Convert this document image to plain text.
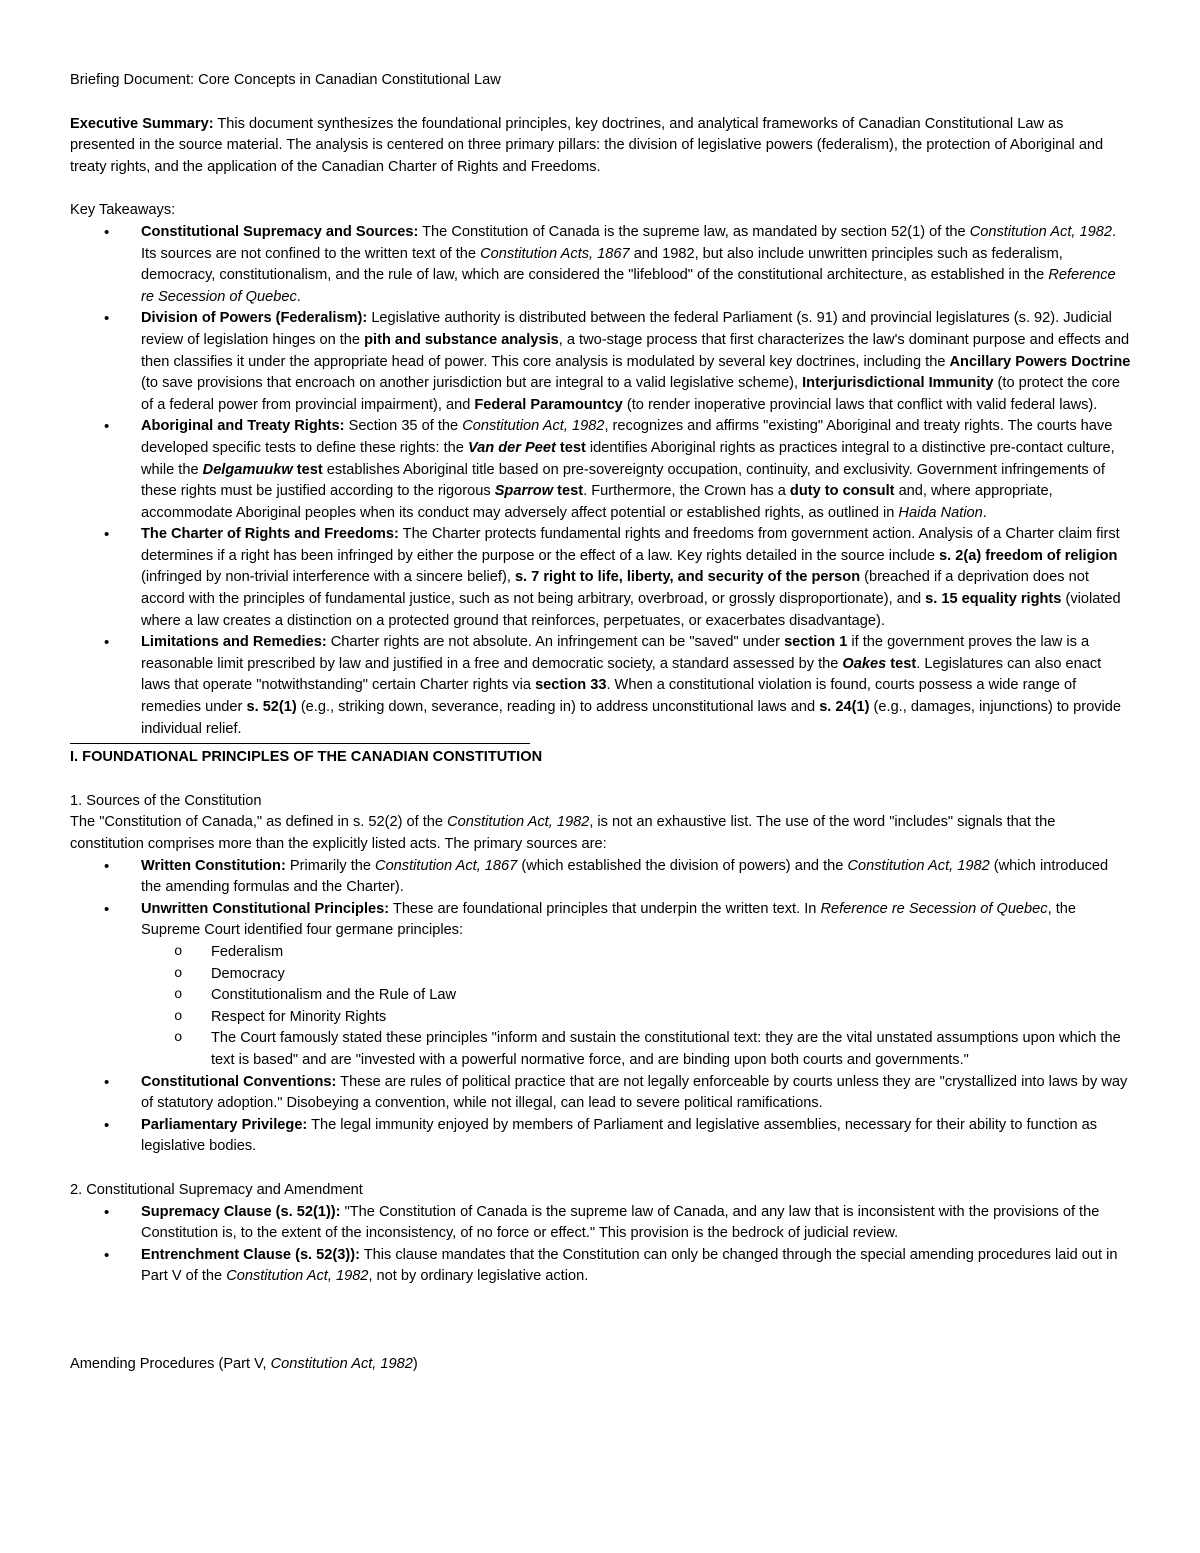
Briefing Document: Core Concepts in Canadian Constitutional Law

Executive Summary: This document synthesizes the foundational principles, key doctrines, and analytical frameworks of Canadian Constitutional Law as presented in the source material. The analysis is centered on three primary pillars: the division of legislative powers (federalism), the protection of Aboriginal and treaty rights, and the application of the Canadian Charter of Rights and Freedoms.

Key Takeaways:

• Constitutional Supremacy and Sources: The Constitution of Canada is the supreme law, as mandated by section 52(1) of the Constitution Act, 1982. Its sources are not confined to the written text of the Constitution Acts, 1867 and 1982, but also include unwritten principles such as federalism, democracy, constitutionalism, and the rule of law, which are considered the "lifeblood" of the constitutional architecture, as established in the Reference re Secession of Quebec.
• Division of Powers (Federalism): Legislative authority is distributed between the federal Parliament (s. 91) and provincial legislatures (s. 92). Judicial review of legislation hinges on the pith and substance analysis, a two-stage process that first characterizes the law's dominant purpose and effects and then classifies it under the appropriate head of power. This core analysis is modulated by several key doctrines, including the Ancillary Powers Doctrine (to save provisions that encroach on another jurisdiction but are integral to a valid legislative scheme), Interjurisdictional Immunity (to protect the core of a federal power from provincial impairment), and Federal Paramountcy (to render inoperative provincial laws that conflict with valid federal laws).
• Aboriginal and Treaty Rights: Section 35 of the Constitution Act, 1982, recognizes and affirms "existing" Aboriginal and treaty rights. The courts have developed specific tests to define these rights: the Van der Peet test identifies Aboriginal rights as practices integral to a distinctive pre-contact culture, while the Delgamuukw test establishes Aboriginal title based on pre-sovereignty occupation, continuity, and exclusivity. Government infringements of these rights must be justified according to the rigorous Sparrow test. Furthermore, the Crown has a duty to consult and, where appropriate, accommodate Aboriginal peoples when its conduct may adversely affect potential or established rights, as outlined in Haida Nation.
• The Charter of Rights and Freedoms: The Charter protects fundamental rights and freedoms from government action. Analysis of a Charter claim first determines if a right has been infringed by either the purpose or the effect of a law. Key rights detailed in the source include s. 2(a) freedom of religion (infringed by non-trivial interference with a sincere belief), s. 7 right to life, liberty, and security of the person (breached if a deprivation does not accord with the principles of fundamental justice, such as not being arbitrary, overbroad, or grossly disproportionate), and s. 15 equality rights (violated where a law creates a distinction on a protected ground that reinforces, perpetuates, or exacerbates disadvantage).
• Limitations and Remedies: Charter rights are not absolute. An infringement can be "saved" under section 1 if the government proves the law is a reasonable limit prescribed by law and justified in a free and democratic society, a standard assessed by the Oakes test. Legislatures can also enact laws that operate "notwithstanding" certain Charter rights via section 33. When a constitutional violation is found, courts possess a wide range of remedies under s. 52(1) (e.g., striking down, severance, reading in) to address unconstitutional laws and s. 24(1) (e.g., damages, injunctions) to provide individual relief.

I. FOUNDATIONAL PRINCIPLES OF THE CANADIAN CONSTITUTION

1. Sources of the Constitution

The "Constitution of Canada," as defined in s. 52(2) of the Constitution Act, 1982, is not an exhaustive list. The use of the word "includes" signals that the constitution comprises more than the explicitly listed acts. The primary sources are:

• Written Constitution: Primarily the Constitution Act, 1867 (which established the division of powers) and the Constitution Act, 1982 (which introduced the amending formulas and the Charter).
• Unwritten Constitutional Principles: These are foundational principles that underpin the written text. In Reference re Secession of Quebec, the Supreme Court identified four germane principles:
o Federalism
o Democracy
o Constitutionalism and the Rule of Law
o Respect for Minority Rights
o The Court famously stated these principles "inform and sustain the constitutional text: they are the vital unstated assumptions upon which the text is based" and are "invested with a powerful normative force, and are binding upon both courts and governments."
• Constitutional Conventions: These are rules of political practice that are not legally enforceable by courts unless they are "crystallized into laws by way of statutory adoption." Disobeying a convention, while not illegal, can lead to severe political ramifications.
• Parliamentary Privilege: The legal immunity enjoyed by members of Parliament and legislative assemblies, necessary for their ability to function as legislative bodies.

2. Constitutional Supremacy and Amendment

• Supremacy Clause (s. 52(1)): "The Constitution of Canada is the supreme law of Canada, and any law that is inconsistent with the provisions of the Constitution is, to the extent of the inconsistency, of no force or effect." This provision is the bedrock of judicial review.
• Entrenchment Clause (s. 52(3)): This clause mandates that the Constitution can only be changed through the special amending procedures laid out in Part V of the Constitution Act, 1982, not by ordinary legislative action.

Amending Procedures (Part V, Constitution Act, 1982)
